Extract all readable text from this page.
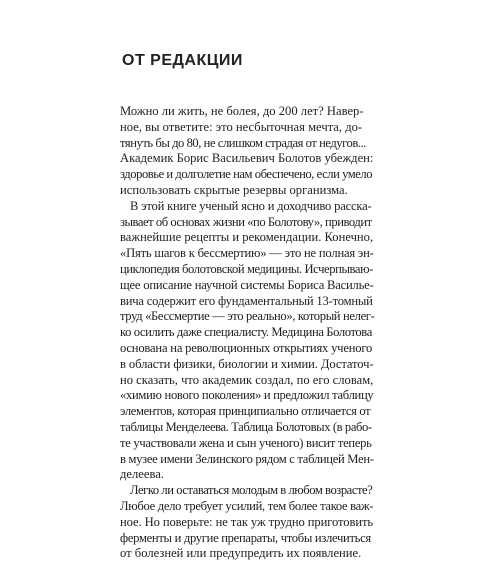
ОТ РЕДАКЦИИ
Можно ли жить, не болея, до 200 лет? Навер-
ное, вы ответите: это несбыточная мечта, до-
тянуть бы до 80, не слишком страдая от недугов...
Академик Борис Васильевич Болотов убежден:
здоровье и долголетие нам обеспечено, если умело
использовать скрытые резервы организма.
В этой книге ученый ясно и доходчиво расска-
зывает об основах жизни «по Болотову», приводит
важнейшие рецепты и рекомендации. Конечно,
«Пять шагов к бессмертию» — это не полная эн-
циклопедия болотовской медицины. Исчерпываю-
щее описание научной системы Бориса Василье-
вича содержит его фундаментальный 13-томный
труд «Бессмертие — это реально», который нелег-
ко осилить даже специалисту. Медицина Болотова
основана на революционных открытиях ученого
в области физики, биологии и химии. Достаточ-
но сказать, что академик создал, по его словам,
«химию нового поколения» и предложил таблицу
элементов, которая принципиально отличается от
таблицы Менделеева. Таблица Болотовых (в рабо-
те участвовали жена и сын ученого) висит теперь
в музее имени Зелинского рядом с таблицей Мен-
делеева.
Легко ли оставаться молодым в любом возрасте?
Любое дело требует усилий, тем более такое важ-
ное. Но поверьте: не так уж трудно приготовить
ферменты и другие препараты, чтобы излечиться
от болезней или предупредить их появление.
